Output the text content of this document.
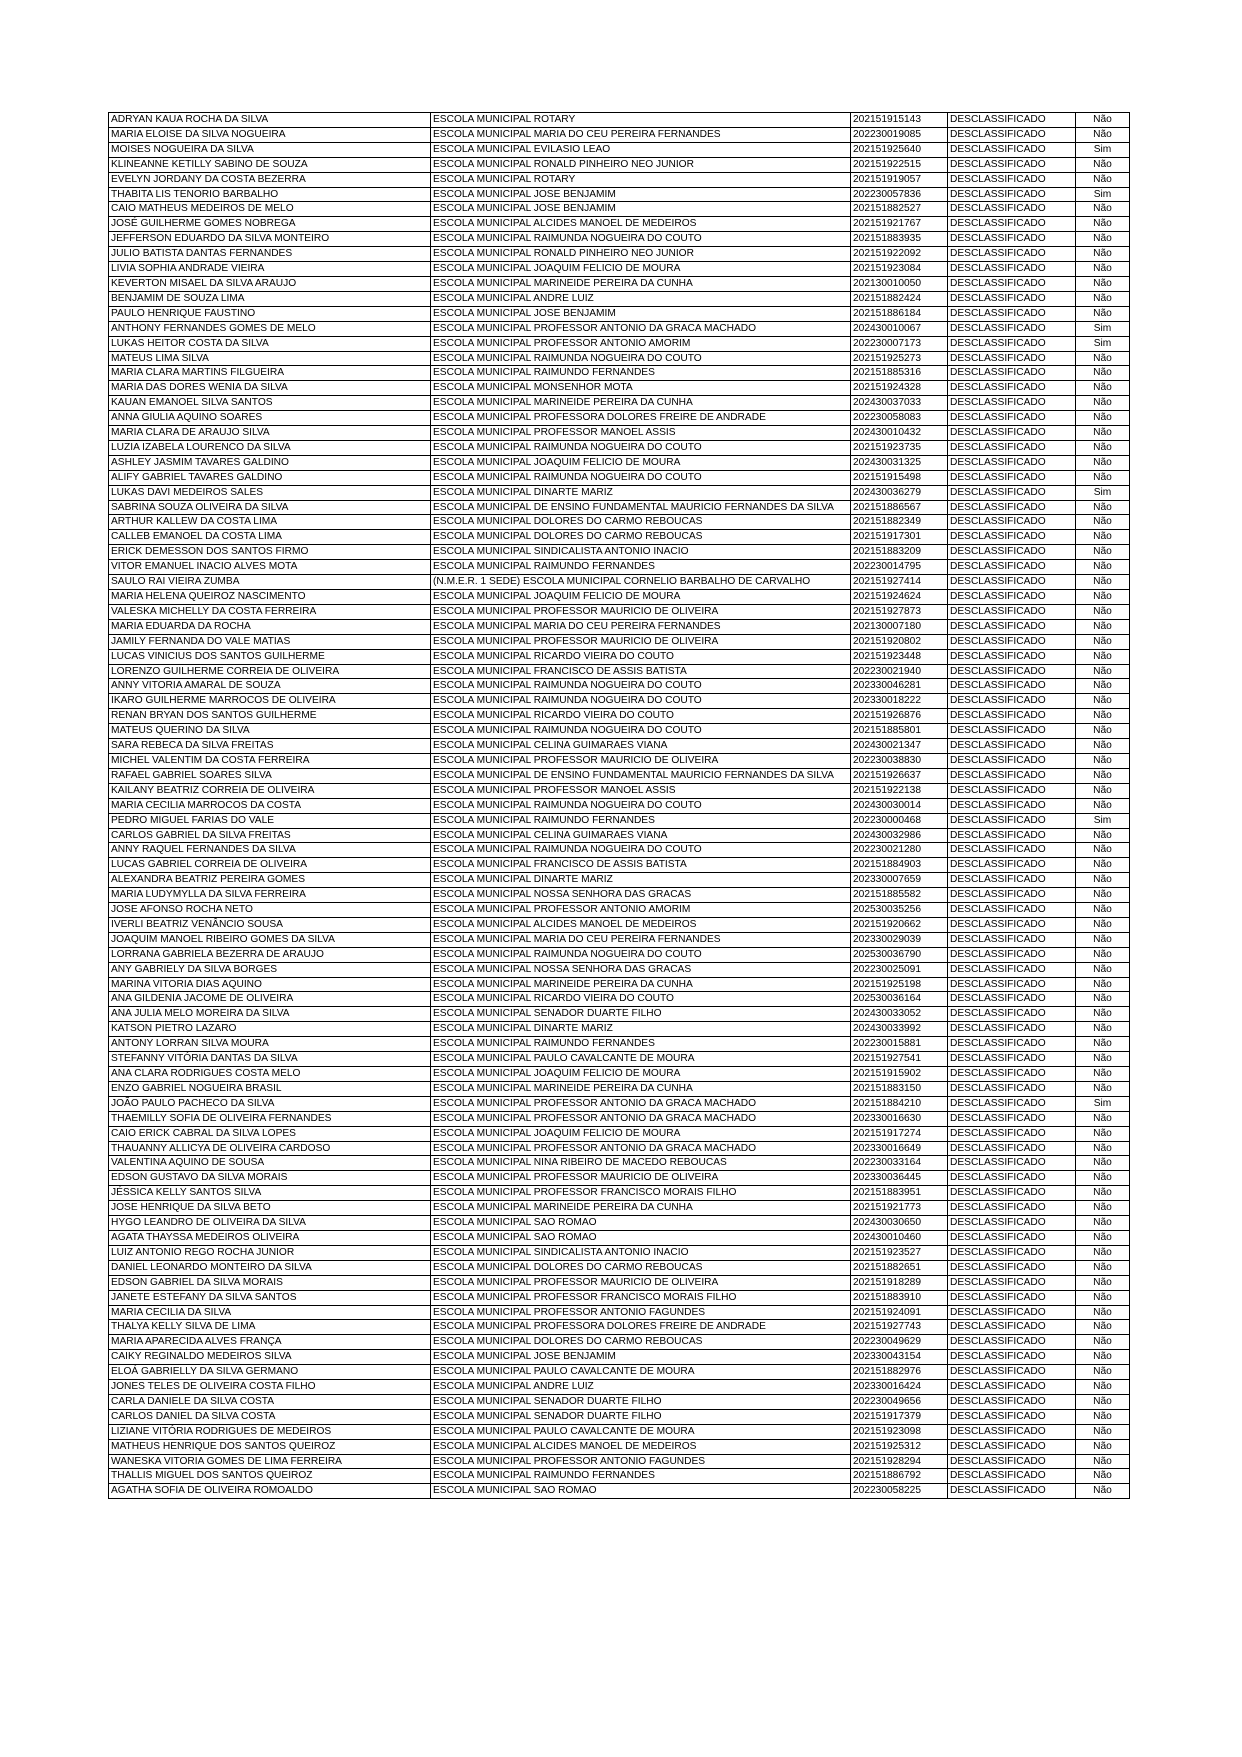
ADRYAN KAUA ROCHA DA SILVA	ESCOLA MUNICIPAL ROTARY	202151915143	DESCLASSIFICADO	Não
MARIA ELOISE DA SILVA NOGUEIRA	ESCOLA MUNICIPAL MARIA DO CEU PEREIRA FERNANDES	202230019085	DESCLASSIFICADO	Não
MOISES NOGUEIRA DA SILVA	ESCOLA MUNICIPAL EVILASIO LEAO	202151925640	DESCLASSIFICADO	Sim
KLINEANNE KETILLY SABINO DE SOUZA	ESCOLA MUNICIPAL RONALD PINHEIRO NEO JUNIOR	202151922515	DESCLASSIFICADO	Não
EVELYN JORDANY DA COSTA BEZERRA	ESCOLA MUNICIPAL ROTARY	202151919057	DESCLASSIFICADO	Não
THABITA LIS TENORIO BARBALHO	ESCOLA MUNICIPAL JOSE BENJAMIM	202230057836	DESCLASSIFICADO	Sim
CAIO MATHEUS MEDEIROS DE MELO	ESCOLA MUNICIPAL JOSE BENJAMIM	202151882527	DESCLASSIFICADO	Não
JOSÉ GUILHERME GOMES NOBREGA	ESCOLA MUNICIPAL ALCIDES MANOEL DE MEDEIROS	202151921767	DESCLASSIFICADO	Não
JEFFERSON EDUARDO DA SILVA MONTEIRO	ESCOLA MUNICIPAL RAIMUNDA NOGUEIRA DO COUTO	202151883935	DESCLASSIFICADO	Não
JULIO BATISTA DANTAS FERNANDES	ESCOLA MUNICIPAL RONALD PINHEIRO NEO JUNIOR	202151922092	DESCLASSIFICADO	Não
LIVIA SOPHIA ANDRADE VIEIRA	ESCOLA MUNICIPAL JOAQUIM FELICIO DE MOURA	202151923084	DESCLASSIFICADO	Não
KEVERTON MISAEL DA SILVA ARAUJO	ESCOLA MUNICIPAL MARINEIDE PEREIRA DA CUNHA	202130010050	DESCLASSIFICADO	Não
BENJAMIM DE SOUZA LIMA	ESCOLA MUNICIPAL ANDRE LUIZ	202151882424	DESCLASSIFICADO	Não
PAULO HENRIQUE FAUSTINO	ESCOLA MUNICIPAL JOSE BENJAMIM	202151886184	DESCLASSIFICADO	Não
ANTHONY FERNANDES GOMES DE MELO	ESCOLA MUNICIPAL PROFESSOR ANTONIO DA GRACA MACHADO	202430010067	DESCLASSIFICADO	Sim
LUKAS HEITOR COSTA DA SILVA	ESCOLA MUNICIPAL PROFESSOR ANTONIO AMORIM	202230007173	DESCLASSIFICADO	Sim
MATEUS LIMA SILVA	ESCOLA MUNICIPAL RAIMUNDA NOGUEIRA DO COUTO	202151925273	DESCLASSIFICADO	Não
MARIA CLARA MARTINS FILGUEIRA	ESCOLA MUNICIPAL RAIMUNDO FERNANDES	202151885316	DESCLASSIFICADO	Não
MARIA DAS DORES WENIA DA SILVA	ESCOLA MUNICIPAL MONSENHOR MOTA	202151924328	DESCLASSIFICADO	Não
KAUAN EMANOEL SILVA SANTOS	ESCOLA MUNICIPAL MARINEIDE PEREIRA DA CUNHA	202430037033	DESCLASSIFICADO	Não
ANNA GIULIA AQUINO SOARES	ESCOLA MUNICIPAL PROFESSORA DOLORES FREIRE DE ANDRADE	202230058083	DESCLASSIFICADO	Não
MARIA CLARA DE ARAUJO SILVA	ESCOLA MUNICIPAL PROFESSOR MANOEL ASSIS	202430010432	DESCLASSIFICADO	Não
LUZIA IZABELA LOURENCO DA SILVA	ESCOLA MUNICIPAL RAIMUNDA NOGUEIRA DO COUTO	202151923735	DESCLASSIFICADO	Não
ASHLEY JASMIM TAVARES GALDINO	ESCOLA MUNICIPAL JOAQUIM FELICIO DE MOURA	202430031325	DESCLASSIFICADO	Não
ALIFY GABRIEL TAVARES GALDINO	ESCOLA MUNICIPAL RAIMUNDA NOGUEIRA DO COUTO	202151915498	DESCLASSIFICADO	Não
LUKAS DAVI MEDEIROS SALES	ESCOLA MUNICIPAL DINARTE MARIZ	202430036279	DESCLASSIFICADO	Sim
SABRINA SOUZA OLIVEIRA DA SILVA	ESCOLA MUNICIPAL DE ENSINO FUNDAMENTAL MAURICIO FERNANDES DA SILVA	202151886567	DESCLASSIFICADO	Não
ARTHUR KALLEW DA COSTA LIMA	ESCOLA MUNICIPAL DOLORES DO CARMO REBOUCAS	202151882349	DESCLASSIFICADO	Não
CALLEB EMANOEL DA COSTA LIMA	ESCOLA MUNICIPAL DOLORES DO CARMO REBOUCAS	202151917301	DESCLASSIFICADO	Não
ERICK DEMESSON DOS SANTOS FIRMO	ESCOLA MUNICIPAL SINDICALISTA ANTONIO INACIO	202151883209	DESCLASSIFICADO	Não
VITOR EMANUEL INACIO ALVES MOTA	ESCOLA MUNICIPAL RAIMUNDO FERNANDES	202230014795	DESCLASSIFICADO	Não
SAULO RAI VIEIRA ZUMBA	(N.M.E.R. 1 SEDE) ESCOLA MUNICIPAL CORNELIO BARBALHO DE CARVALHO	202151927414	DESCLASSIFICADO	Não
MARIA HELENA QUEIROZ NASCIMENTO	ESCOLA MUNICIPAL JOAQUIM FELICIO DE MOURA	202151924624	DESCLASSIFICADO	Não
VALESKA MICHELLY DA COSTA FERREIRA	ESCOLA MUNICIPAL PROFESSOR MAURICIO DE OLIVEIRA	202151927873	DESCLASSIFICADO	Não
MARIA EDUARDA DA ROCHA	ESCOLA MUNICIPAL MARIA DO CEU PEREIRA FERNANDES	202130007180	DESCLASSIFICADO	Não
JAMILY FERNANDA DO VALE MATIAS	ESCOLA MUNICIPAL PROFESSOR MAURICIO DE OLIVEIRA	202151920802	DESCLASSIFICADO	Não
LUCAS VINICIUS DOS SANTOS GUILHERME	ESCOLA MUNICIPAL RICARDO VIEIRA DO COUTO	202151923448	DESCLASSIFICADO	Não
LORENZO GUILHERME CORREIA DE OLIVEIRA	ESCOLA MUNICIPAL FRANCISCO DE ASSIS BATISTA	202230021940	DESCLASSIFICADO	Não
ANNY VITORIA AMARAL DE SOUZA	ESCOLA MUNICIPAL RAIMUNDA NOGUEIRA DO COUTO	202330046281	DESCLASSIFICADO	Não
IKARO GUILHERME MARROCOS DE OLIVEIRA	ESCOLA MUNICIPAL RAIMUNDA NOGUEIRA DO COUTO	202330018222	DESCLASSIFICADO	Não
RENAN BRYAN DOS SANTOS GUILHERME	ESCOLA MUNICIPAL RICARDO VIEIRA DO COUTO	202151926876	DESCLASSIFICADO	Não
MATEUS QUERINO DA SILVA	ESCOLA MUNICIPAL RAIMUNDA NOGUEIRA DO COUTO	202151885801	DESCLASSIFICADO	Não
SARA REBECA DA SILVA FREITAS	ESCOLA MUNICIPAL CELINA GUIMARAES VIANA	202430021347	DESCLASSIFICADO	Não
MICHEL VALENTIM DA COSTA FERREIRA	ESCOLA MUNICIPAL PROFESSOR MAURICIO DE OLIVEIRA	202230038830	DESCLASSIFICADO	Não
RAFAEL GABRIEL SOARES SILVA	ESCOLA MUNICIPAL DE ENSINO FUNDAMENTAL MAURICIO FERNANDES DA SILVA	202151926637	DESCLASSIFICADO	Não
KAILANY BEATRIZ CORREIA DE OLIVEIRA	ESCOLA MUNICIPAL PROFESSOR MANOEL ASSIS	202151922138	DESCLASSIFICADO	Não
MARIA CECILIA MARROCOS DA COSTA	ESCOLA MUNICIPAL RAIMUNDA NOGUEIRA DO COUTO	202430030014	DESCLASSIFICADO	Não
PEDRO MIGUEL FARIAS DO VALE	ESCOLA MUNICIPAL RAIMUNDO FERNANDES	202230000468	DESCLASSIFICADO	Sim
CARLOS GABRIEL DA SILVA FREITAS	ESCOLA MUNICIPAL CELINA GUIMARAES VIANA	202430032986	DESCLASSIFICADO	Não
ANNY RAQUEL FERNANDES DA SILVA	ESCOLA MUNICIPAL RAIMUNDA NOGUEIRA DO COUTO	202230021280	DESCLASSIFICADO	Não
LUCAS GABRIEL CORREIA DE OLIVEIRA	ESCOLA MUNICIPAL FRANCISCO DE ASSIS BATISTA	202151884903	DESCLASSIFICADO	Não
ALEXANDRA BEATRIZ PEREIRA GOMES	ESCOLA MUNICIPAL DINARTE MARIZ	202330007659	DESCLASSIFICADO	Não
MARIA LUDYMYLLA DA SILVA FERREIRA	ESCOLA MUNICIPAL NOSSA SENHORA DAS GRACAS	202151885582	DESCLASSIFICADO	Não
JOSE AFONSO ROCHA NETO	ESCOLA MUNICIPAL PROFESSOR ANTONIO AMORIM	202530035256	DESCLASSIFICADO	Não
IVERLI BEATRIZ VENÂNCIO SOUSA	ESCOLA MUNICIPAL ALCIDES MANOEL DE MEDEIROS	202151920662	DESCLASSIFICADO	Não
JOAQUIM MANOEL RIBEIRO GOMES DA SILVA	ESCOLA MUNICIPAL MARIA DO CEU PEREIRA FERNANDES	202330029039	DESCLASSIFICADO	Não
LORRANA GABRIELA BEZERRA DE ARAUJO	ESCOLA MUNICIPAL RAIMUNDA NOGUEIRA DO COUTO	202530036790	DESCLASSIFICADO	Não
ANY GABRIELY DA SILVA BORGES	ESCOLA MUNICIPAL NOSSA SENHORA DAS GRACAS	202230025091	DESCLASSIFICADO	Não
MARINA VITORIA DIAS AQUINO	ESCOLA MUNICIPAL MARINEIDE PEREIRA DA CUNHA	202151925198	DESCLASSIFICADO	Não
ANA GILDENIA JACOME DE OLIVEIRA	ESCOLA MUNICIPAL RICARDO VIEIRA DO COUTO	202530036164	DESCLASSIFICADO	Não
ANA JULIA MELO MOREIRA DA SILVA	ESCOLA MUNICIPAL SENADOR DUARTE FILHO	202430033052	DESCLASSIFICADO	Não
KATSON PIETRO LAZARO	ESCOLA MUNICIPAL DINARTE MARIZ	202430033992	DESCLASSIFICADO	Não
ANTONY LORRAN SILVA MOURA	ESCOLA MUNICIPAL RAIMUNDO FERNANDES	202230015881	DESCLASSIFICADO	Não
STEFANNY VITÓRIA DANTAS DA SILVA	ESCOLA MUNICIPAL PAULO CAVALCANTE DE MOURA	202151927541	DESCLASSIFICADO	Não
ANA CLARA RODRIGUES COSTA MELO	ESCOLA MUNICIPAL JOAQUIM FELICIO DE MOURA	202151915902	DESCLASSIFICADO	Não
ENZO GABRIEL NOGUEIRA BRASIL	ESCOLA MUNICIPAL MARINEIDE PEREIRA DA CUNHA	202151883150	DESCLASSIFICADO	Não
JOÃO PAULO PACHECO DA SILVA	ESCOLA MUNICIPAL PROFESSOR ANTONIO DA GRACA MACHADO	202151884210	DESCLASSIFICADO	Sim
THAEMILLY SOFIA DE OLIVEIRA FERNANDES	ESCOLA MUNICIPAL PROFESSOR ANTONIO DA GRACA MACHADO	202330016630	DESCLASSIFICADO	Não
CAIO ERICK CABRAL DA SILVA LOPES	ESCOLA MUNICIPAL JOAQUIM FELICIO DE MOURA	202151917274	DESCLASSIFICADO	Não
THAUANNY ALLICYA DE OLIVEIRA CARDOSO	ESCOLA MUNICIPAL PROFESSOR ANTONIO DA GRACA MACHADO	202330016649	DESCLASSIFICADO	Não
VALENTINA AQUINO DE SOUSA	ESCOLA MUNICIPAL NINA RIBEIRO DE MACEDO REBOUCAS	202230033164	DESCLASSIFICADO	Não
EDSON GUSTAVO DA SILVA MORAIS	ESCOLA MUNICIPAL PROFESSOR MAURICIO DE OLIVEIRA	202330036445	DESCLASSIFICADO	Não
JÉSSICA KELLY SANTOS SILVA	ESCOLA MUNICIPAL PROFESSOR FRANCISCO MORAIS FILHO	202151883951	DESCLASSIFICADO	Não
JOSE HENRIQUE DA SILVA BETO	ESCOLA MUNICIPAL MARINEIDE PEREIRA DA CUNHA	202151921773	DESCLASSIFICADO	Não
HYGO LEANDRO DE OLIVEIRA DA SILVA	ESCOLA MUNICIPAL SAO ROMAO	202430030650	DESCLASSIFICADO	Não
AGATA THAYSSA MEDEIROS OLIVEIRA	ESCOLA MUNICIPAL SAO ROMAO	202430010460	DESCLASSIFICADO	Não
LUIZ ANTONIO REGO ROCHA JUNIOR	ESCOLA MUNICIPAL SINDICALISTA ANTONIO INACIO	202151923527	DESCLASSIFICADO	Não
DANIEL LEONARDO MONTEIRO DA SILVA	ESCOLA MUNICIPAL DOLORES DO CARMO REBOUCAS	202151882651	DESCLASSIFICADO	Não
EDSON GABRIEL DA SILVA MORAIS	ESCOLA MUNICIPAL PROFESSOR MAURICIO DE OLIVEIRA	202151918289	DESCLASSIFICADO	Não
JANETE ESTEFANY DA SILVA SANTOS	ESCOLA MUNICIPAL PROFESSOR FRANCISCO MORAIS FILHO	202151883910	DESCLASSIFICADO	Não
MARIA CECILIA DA SILVA	ESCOLA MUNICIPAL PROFESSOR ANTONIO FAGUNDES	202151924091	DESCLASSIFICADO	Não
THALYA KELLY SILVA DE LIMA	ESCOLA MUNICIPAL PROFESSORA DOLORES FREIRE DE ANDRADE	202151927743	DESCLASSIFICADO	Não
MARIA APARECIDA ALVES FRANÇA	ESCOLA MUNICIPAL DOLORES DO CARMO REBOUCAS	202230049629	DESCLASSIFICADO	Não
CAIKY REGINALDO MEDEIROS SILVA	ESCOLA MUNICIPAL JOSE BENJAMIM	202330043154	DESCLASSIFICADO	Não
ELOÁ GABRIELLY DA SILVA GERMANO	ESCOLA MUNICIPAL PAULO CAVALCANTE DE MOURA	202151882976	DESCLASSIFICADO	Não
JONES TELES DE OLIVEIRA COSTA FILHO	ESCOLA MUNICIPAL ANDRE LUIZ	202330016424	DESCLASSIFICADO	Não
CARLA DANIELE DA SILVA COSTA	ESCOLA MUNICIPAL SENADOR DUARTE FILHO	202230049656	DESCLASSIFICADO	Não
CARLOS DANIEL DA SILVA COSTA	ESCOLA MUNICIPAL SENADOR DUARTE FILHO	202151917379	DESCLASSIFICADO	Não
LIZIANE VITÓRIA RODRIGUES DE MEDEIROS	ESCOLA MUNICIPAL PAULO CAVALCANTE DE MOURA	202151923098	DESCLASSIFICADO	Não
MATHEUS HENRIQUE DOS SANTOS QUEIROZ	ESCOLA MUNICIPAL ALCIDES MANOEL DE MEDEIROS	202151925312	DESCLASSIFICADO	Não
WANESKA VITORIA GOMES DE LIMA FERREIRA	ESCOLA MUNICIPAL PROFESSOR ANTONIO FAGUNDES	202151928294	DESCLASSIFICADO	Não
THALLIS MIGUEL DOS SANTOS QUEIROZ	ESCOLA MUNICIPAL RAIMUNDO FERNANDES	202151886792	DESCLASSIFICADO	Não
AGATHA SOFIA DE OLIVEIRA ROMOALDO	ESCOLA MUNICIPAL SAO ROMAO	202230058225	DESCLASSIFICADO	Não
